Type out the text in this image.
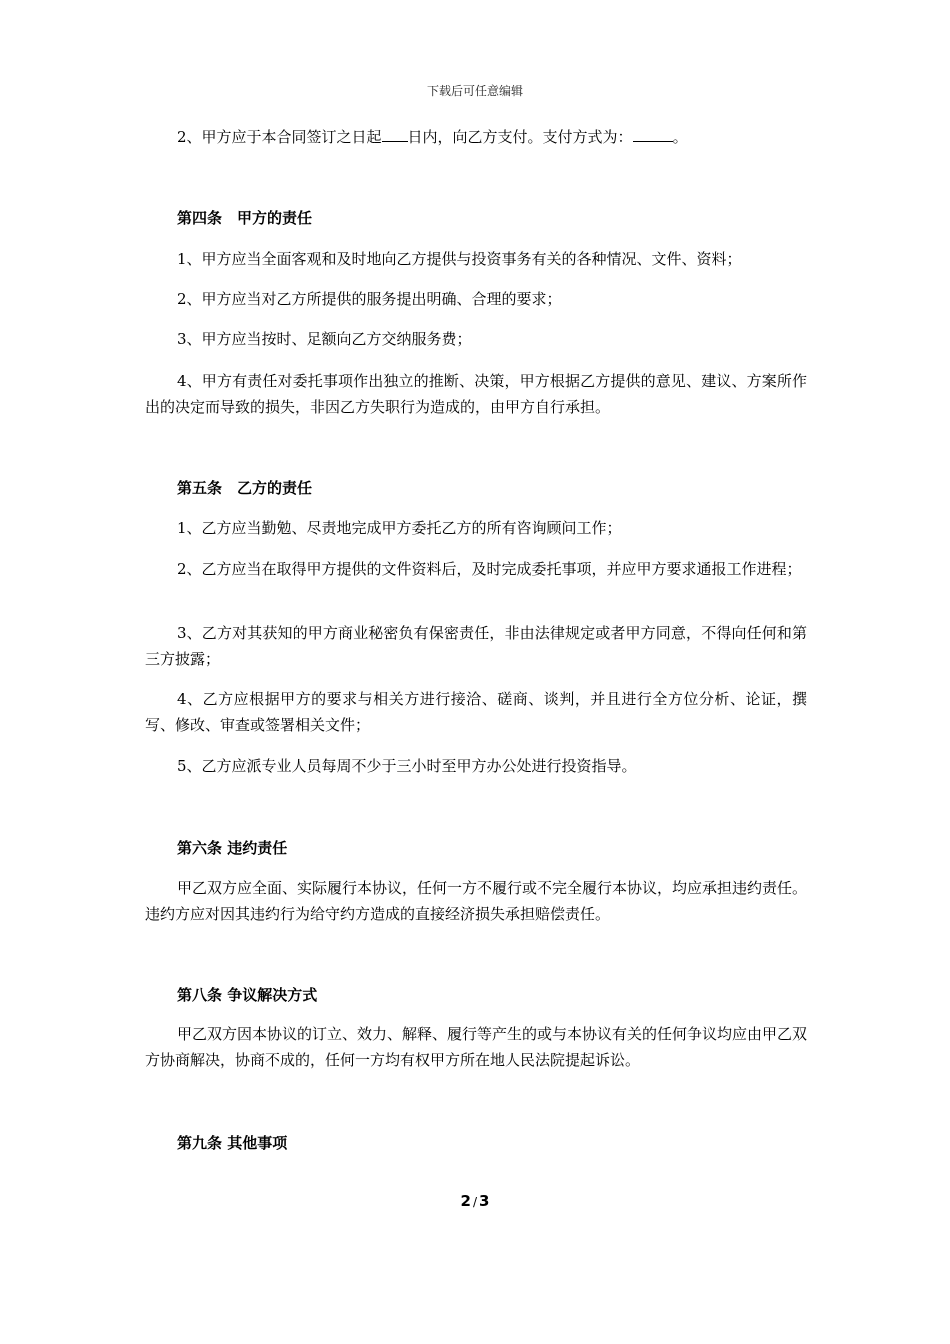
下载后可任意编辑

2、甲方应于本合同签订之日起 日内，向乙方支付。支付方式为：	。

第四条　甲方的责任

1、甲方应当全面客观和及时地向乙方提供与投资事务有关的各种情况、文件、资料；

2、甲方应当对乙方所提供的服务提出明确、合理的要求；

3、甲方应当按时、足额向乙方交纳服务费；

4、甲方有责任对委托事项作出独立的推断、决策，甲方根据乙方提供的意见、建议、方案所作出的决定而导致的损失，非因乙方失职行为造成的，由甲方自行承担。

第五条　乙方的责任

1、乙方应当勤勉、尽责地完成甲方委托乙方的所有咨询顾问工作；

2、乙方应当在取得甲方提供的文件资料后，及时完成委托事项，并应甲方要求通报工作进程；

3、乙方对其获知的甲方商业秘密负有保密责任，非由法律规定或者甲方同意，不得向任何和第三方披露；

4、乙方应根据甲方的要求与相关方进行接洽、磋商、谈判，并且进行全方位分析、论证，撰写、修改、审查或签署相关文件；

5、乙方应派专业人员每周不少于三小时至甲方办公处进行投资指导。

第六条 违约责任

甲乙双方应全面、实际履行本协议，任何一方不履行或不完全履行本协议，均应承担违约责任。违约方应对因其违约行为给守约方造成的直接经济损失承担赔偿责任。

第八条 争议解决方式

甲乙双方因本协议的订立、效力、解释、履行等产生的或与本协议有关的任何争议均应由甲乙双方协商解决，协商不成的，任何一方均有权甲方所在地人民法院提起诉讼。

第九条 其他事项
2 / 3
